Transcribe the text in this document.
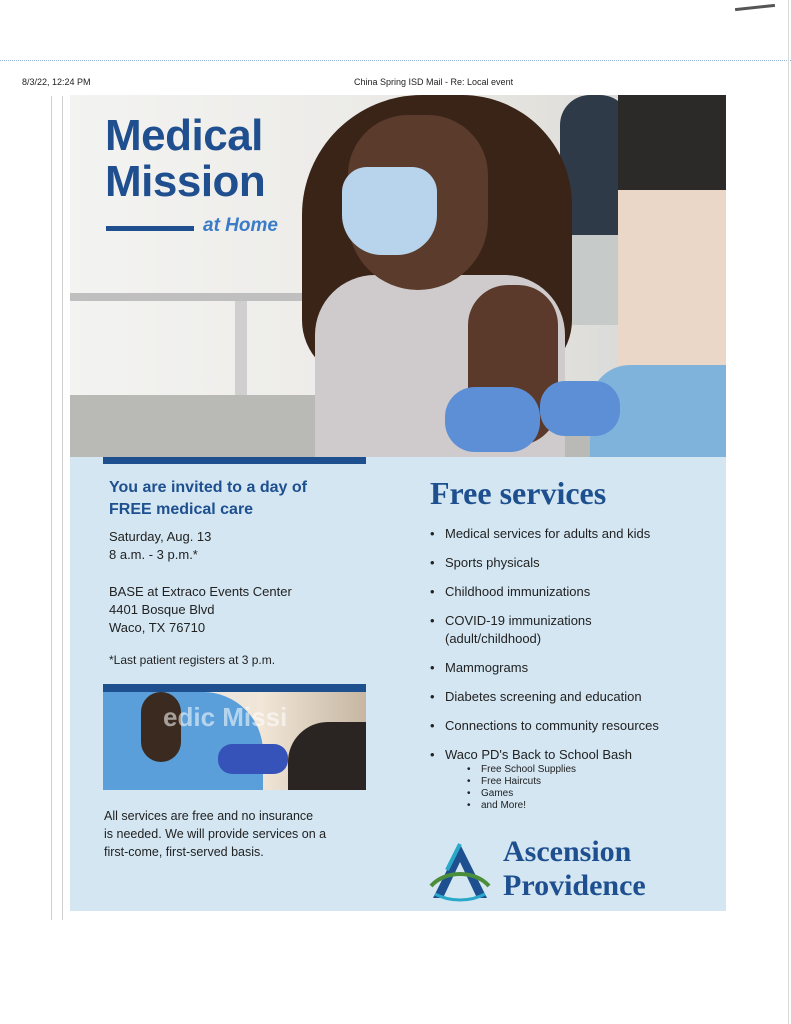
8/3/22, 12:24 PM	China Spring ISD Mail - Re: Local event
Medical
Mission
at Home
You are invited to a day of
FREE medical care
Saturday, Aug. 13
8 a.m. - 3 p.m.*
BASE at Extraco Events Center
4401 Bosque Blvd
Waco, TX 76710
*Last patient registers at 3 p.m.
edic Missi
All services are free and no insurance
is needed. We will provide services on a
first-come, first-served basis.
Free services
• Medical services for adults and kids
• Sports physicals
• Childhood immunizations
• COVID-19 immunizations
(adult/childhood)
• Mammograms
• Diabetes screening and education
• Connections to community resources
• Waco PD's Back to School Bash
• Free School Supplies
• Free Haircuts
• Games
• and More!
Ascension
Providence
